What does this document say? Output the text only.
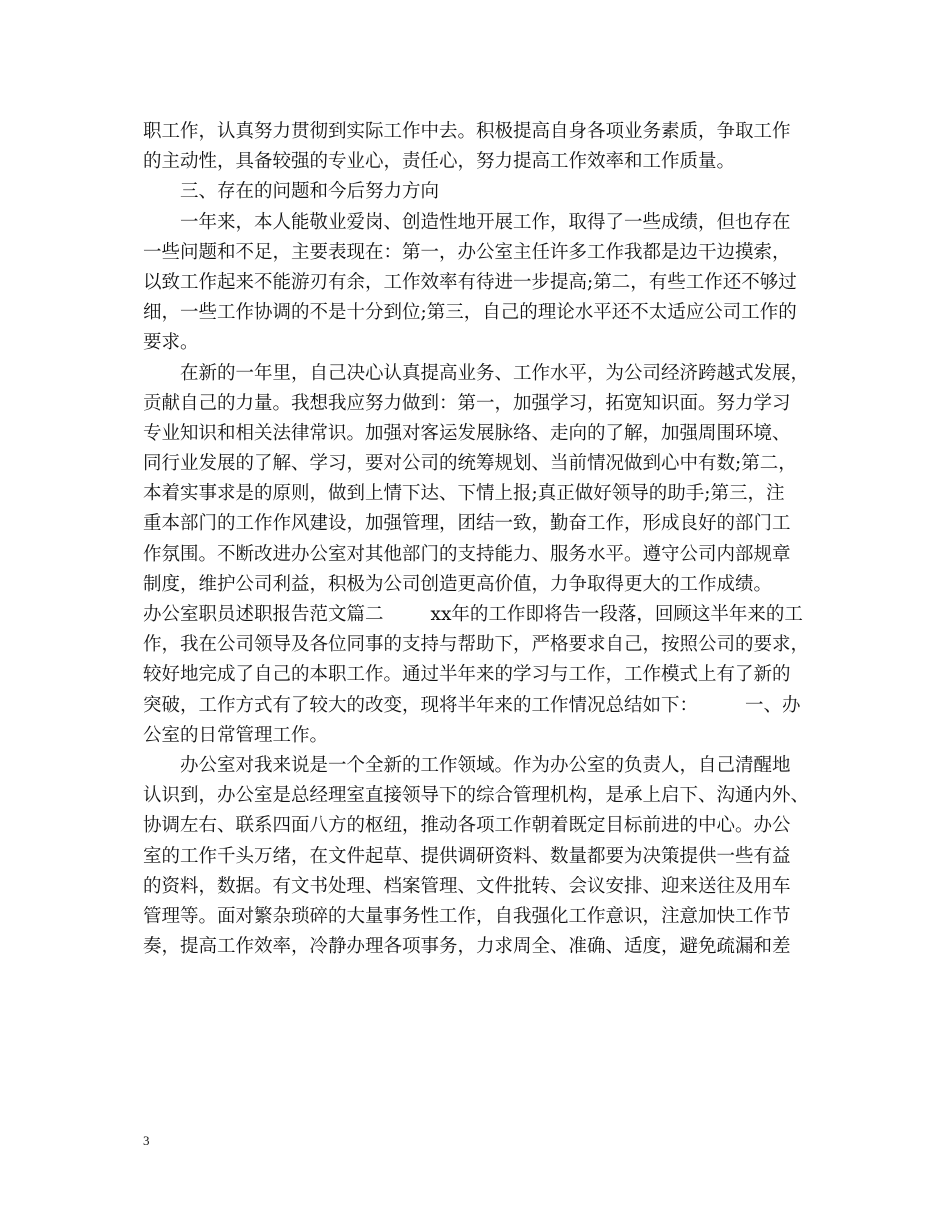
职工作，认真努力贯彻到实际工作中去。积极提高自身各项业务素质，争取工作
的主动性，具备较强的专业心，责任心，努力提高工作效率和工作质量。
三、存在的问题和今后努力方向
一年来，本人能敬业爱岗、创造性地开展工作，取得了一些成绩，但也存在
一些问题和不足，主要表现在：第一，办公室主任许多工作我都是边干边摸索，
以致工作起来不能游刃有余，工作效率有待进一步提高;第二，有些工作还不够过
细，一些工作协调的不是十分到位;第三，自己的理论水平还不太适应公司工作的
要求。
在新的一年里，自己决心认真提高业务、工作水平，为公司经济跨越式发展，
贡献自己的力量。我想我应努力做到：第一，加强学习，拓宽知识面。努力学习
专业知识和相关法律常识。加强对客运发展脉络、走向的了解，加强周围环境、
同行业发展的了解、学习，要对公司的统筹规划、当前情况做到心中有数;第二，
本着实事求是的原则，做到上情下达、下情上报;真正做好领导的助手;第三，注
重本部门的工作作风建设，加强管理，团结一致，勤奋工作，形成良好的部门工
作氛围。不断改进办公室对其他部门的支持能力、服务水平。遵守公司内部规章
制度，维护公司利益，积极为公司创造更高价值，力争取得更大的工作成绩。
办公室职员述职报告范文篇二        xx年的工作即将告一段落，回顾这半年来的工
作，我在公司领导及各位同事的支持与帮助下，严格要求自己，按照公司的要求，
较好地完成了自己的本职工作。通过半年来的学习与工作，工作模式上有了新的
突破，工作方式有了较大的改变，现将半年来的工作情况总结如下：        一、办
公室的日常管理工作。
办公室对我来说是一个全新的工作领域。作为办公室的负责人，自己清醒地
认识到，办公室是总经理室直接领导下的综合管理机构，是承上启下、沟通内外、
协调左右、联系四面八方的枢纽，推动各项工作朝着既定目标前进的中心。办公
室的工作千头万绪，在文件起草、提供调研资料、数量都要为决策提供一些有益
的资料，数据。有文书处理、档案管理、文件批转、会议安排、迎来送往及用车
管理等。面对繁杂琐碎的大量事务性工作，自我强化工作意识，注意加快工作节
奏，提高工作效率，冷静办理各项事务，力求周全、准确、适度，避免疏漏和差
3
